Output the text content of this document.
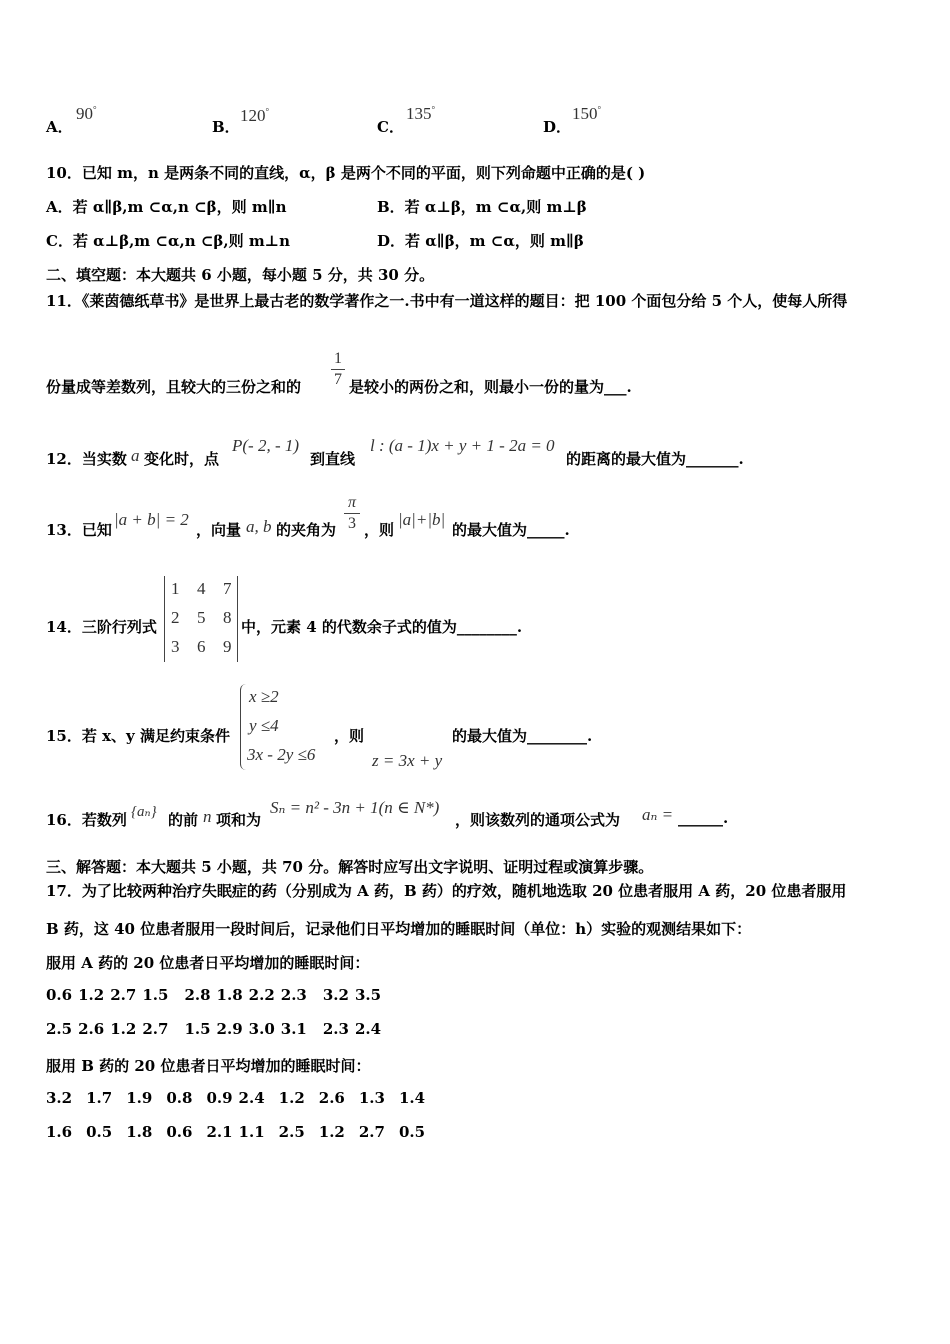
A．
90°
B．
120°
C．
135°
D．
150°
10．已知 m，n 是两条不同的直线，α，β 是两个不同的平面，则下列命题中正确的是( )
A．若 α∥β,m ⊂α,n ⊂β，则 m∥n	B．若 α⊥β，m ⊂α,则 m⊥β
C．若 α⊥β,m ⊂α,n ⊂β,则 m⊥n	D．若 α∥β，m ⊂α，则 m∥β
二、填空题：本大题共 6 小题，每小题 5 分，共 30 分。
11．《莱茵德纸草书》是世界上最古老的数学著作之一.书中有一道这样的题目：把 100 个面包分给 5 个人，使每人所得
份量成等差数列，且较大的三份之和的
1
7 是较小的两份之和，则最小一份的量为___.
12．当实数 a 变化时，点
P(- 2, - 1)
到直线
l : (a - 1)x + y + 1 - 2a = 0
的距离的最大值为_______.
13．已知
|a + b| = 2
，向量 a, b 的夹角为
π
3 ，则
|a|+|b|
的最大值为_____.
14．三阶行列式
1 4 7
2 5 8
3 6 9
中，元素 4 的代数余子式的值为________.
15．若 x、y 满足约束条件
x ≥2
y ≤4
3x - 2y ≤6
，则
z = 3x + y
的最大值为________.
16．若数列 {aₙ} 的前 n 项和为
Sₙ = n² - 3n + 1(n ∈ N*)
，则该数列的通项公式为 aₙ = ______.
三、解答题：本大题共 5 小题，共 70 分。解答时应写出文字说明、证明过程或演算步骤。
17．为了比较两种治疗失眠症的药（分别成为 A 药，B 药）的疗效，随机地选取 20 位患者服用 A 药，20 位患者服用
B 药，这 40 位患者服用一段时间后，记录他们日平均增加的睡眠时间（单位：h）实验的观测结果如下：
服用 A 药的 20 位患者日平均增加的睡眠时间：
0.6 1.2 2.7 1.5 2.8 1.8 2.2 2.3 3.2 3.5
2.5 2.6 1.2 2.7 1.5 2.9 3.0 3.1 2.3 2.4
服用 B 药的 20 位患者日平均增加的睡眠时间：
3.2 1.7 1.9 0.8 0.9 2.4 1.2 2.6 1.3 1.4
1.6 0.5 1.8 0.6 2.1 1.1 2.5 1.2 2.7 0.5
